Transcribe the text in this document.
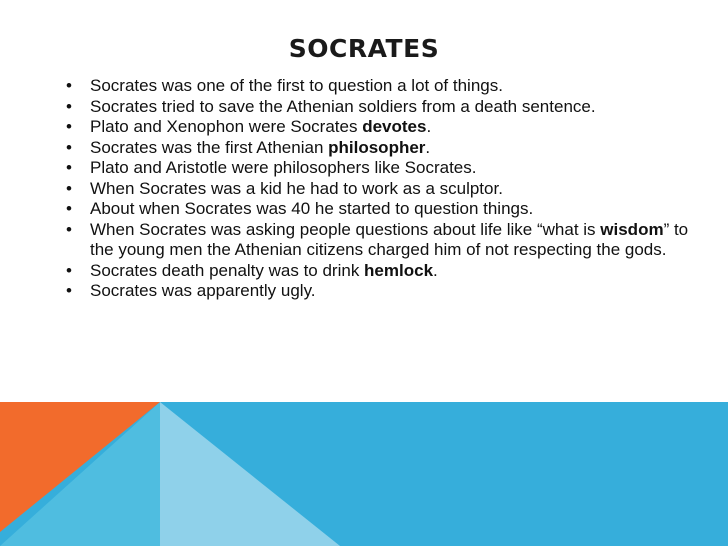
SOCRATES
•	Socrates was one of the first to question a lot of things.
•	Socrates tried to save the Athenian soldiers from a death sentence.
•	Plato and Xenophon were Socrates devotes.
•	Socrates was the first Athenian philosopher.
•	Plato and Aristotle were philosophers like Socrates.
•	When Socrates was a kid he had to work as a sculptor.
•	About when Socrates was 40 he started to question things.
•	When Socrates was asking people questions about life like “what is wisdom” to the young men the Athenian citizens charged him of not respecting the gods.
•	Socrates death penalty was to drink hemlock.
•	Socrates was apparently ugly.
